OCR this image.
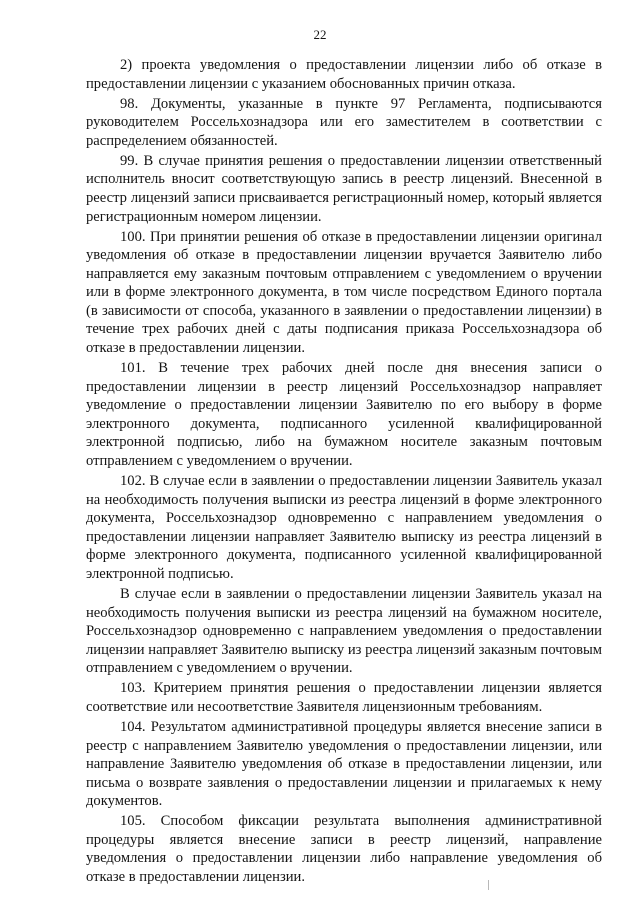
22

2) проекта уведомления о предоставлении лицензии либо об отказе в предоставлении лицензии с указанием обоснованных причин отказа.

98. Документы, указанные в пункте 97 Регламента, подписываются руководителем Россельхознадзора или его заместителем в соответствии с распределением обязанностей.

99. В случае принятия решения о предоставлении лицензии ответственный исполнитель вносит соответствующую запись в реестр лицензий. Внесенной в реестр лицензий записи присваивается регистрационный номер, который является регистрационным номером лицензии.

100. При принятии решения об отказе в предоставлении лицензии оригинал уведомления об отказе в предоставлении лицензии вручается Заявителю либо направляется ему заказным почтовым отправлением с уведомлением о вручении или в форме электронного документа, в том числе посредством Единого портала (в зависимости от способа, указанного в заявлении о предоставлении лицензии) в течение трех рабочих дней с даты подписания приказа Россельхознадзора об отказе в предоставлении лицензии.

101. В течение трех рабочих дней после дня внесения записи о предоставлении лицензии в реестр лицензий Россельхознадзор направляет уведомление о предоставлении лицензии Заявителю по его выбору в форме электронного документа, подписанного усиленной квалифицированной электронной подписью, либо на бумажном носителе заказным почтовым отправлением с уведомлением о вручении.

102. В случае если в заявлении о предоставлении лицензии Заявитель указал на необходимость получения выписки из реестра лицензий в форме электронного документа, Россельхознадзор одновременно с направлением уведомления о предоставлении лицензии направляет Заявителю выписку из реестра лицензий в форме электронного документа, подписанного усиленной квалифицированной электронной подписью.

В случае если в заявлении о предоставлении лицензии Заявитель указал на необходимость получения выписки из реестра лицензий на бумажном носителе, Россельхознадзор одновременно с направлением уведомления о предоставлении лицензии направляет Заявителю выписку из реестра лицензий заказным почтовым отправлением с уведомлением о вручении.

103. Критерием принятия решения о предоставлении лицензии является соответствие или несоответствие Заявителя лицензионным требованиям.

104. Результатом административной процедуры является внесение записи в реестр с направлением Заявителю уведомления о предоставлении лицензии, или направление Заявителю уведомления об отказе в предоставлении лицензии, или письма о возврате заявления о предоставлении лицензии и прилагаемых к нему документов.

105. Способом фиксации результата выполнения административной процедуры является внесение записи в реестр лицензий, направление уведомления о предоставлении лицензии либо направление уведомления об отказе в предоставлении лицензии.
